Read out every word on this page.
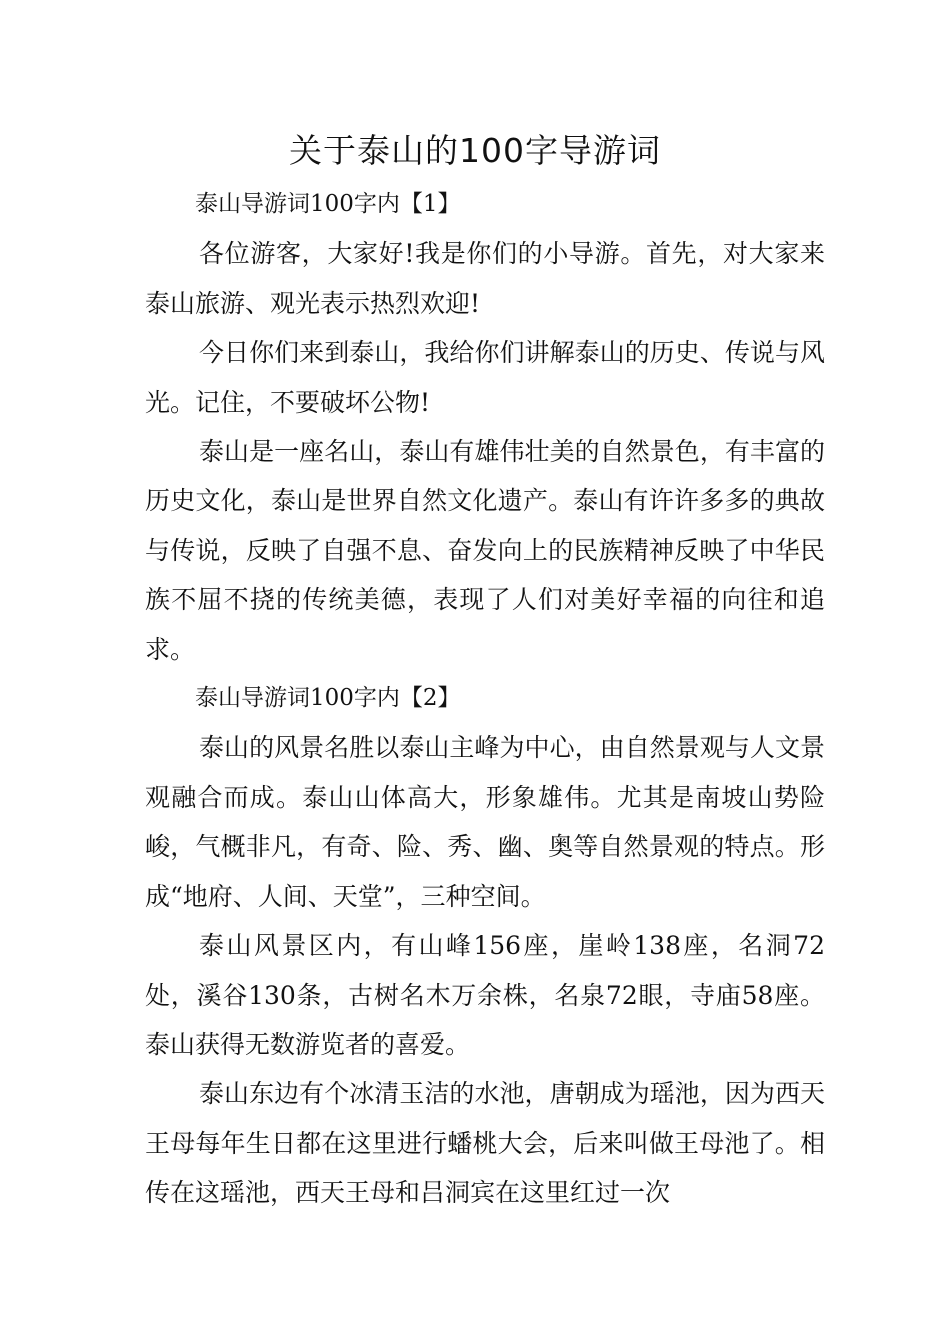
关于泰山的100字导游词

泰山导游词100字内【1】

各位游客，大家好!我是你们的小导游。首先，对大家来泰山旅游、观光表示热烈欢迎!

今日你们来到泰山，我给你们讲解泰山的历史、传说与风光。记住，不要破坏公物!

泰山是一座名山，泰山有雄伟壮美的自然景色，有丰富的历史文化，泰山是世界自然文化遗产。泰山有许许多多的典故与传说，反映了自强不息、奋发向上的民族精神反映了中华民族不屈不挠的传统美德，表现了人们对美好幸福的向往和追求。

泰山导游词100字内【2】

泰山的风景名胜以泰山主峰为中心，由自然景观与人文景观融合而成。泰山山体高大，形象雄伟。尤其是南坡山势险峻，气概非凡，有奇、险、秀、幽、奥等自然景观的特点。形成“地府、人间、天堂”，三种空间。

泰山风景区内，有山峰156座，崖岭138座，名洞72处，溪谷130条，古树名木万余株，名泉72眼，寺庙58座。泰山获得无数游览者的喜爱。

泰山东边有个冰清玉洁的水池，唐朝成为瑶池，因为西天王母每年生日都在这里进行蟠桃大会，后来叫做王母池了。相传在这瑶池，西天王母和吕洞宾在这里红过一次
